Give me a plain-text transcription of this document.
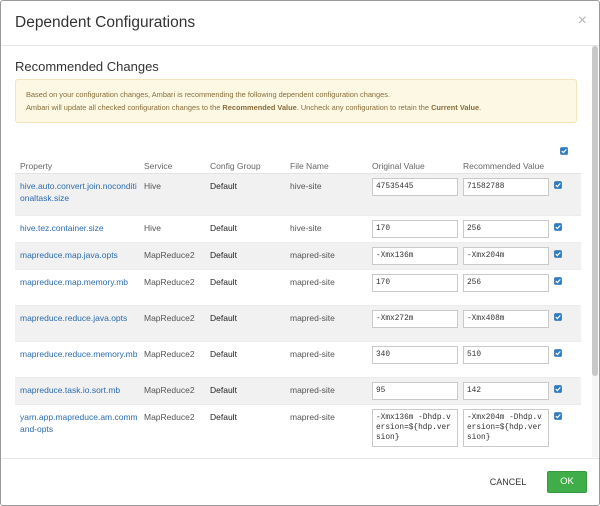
Dependent Configurations	×
Recommended Changes
Based on your configuration changes, Ambari is recommending the following dependent configuration changes.
Ambari will update all checked configuration changes to the Recommended Value. Uncheck any configuration to retain the Current Value.
Property	Service	Config Group	File Name	Original Value	Recommended Value	
hive.auto.convert.join.noconditionaltask.size	Hive	Default	hive-site	47535445	71582788

hive.tez.container.size	Hive	Default	hive-site	170	256

mapreduce.map.java.opts	MapReduce2	Default	mapred-site	-Xmx136m	-Xmx204m

mapreduce.map.memory.mb	MapReduce2	Default	mapred-site	170	256

mapreduce.reduce.java.opts	MapReduce2	Default	mapred-site	-Xmx272m	-Xmx408m

mapreduce.reduce.memory.mb	MapReduce2	Default	mapred-site	340	510

mapreduce.task.io.sort.mb	MapReduce2	Default	mapred-site	95	142

yarn.app.mapreduce.am.command-opts	MapReduce2	Default	mapred-site	-Xmx136m -Dhdp.version=${hdp.version}	-Xmx204m -Dhdp.version=${hdp.version}

CANCEL	OK
